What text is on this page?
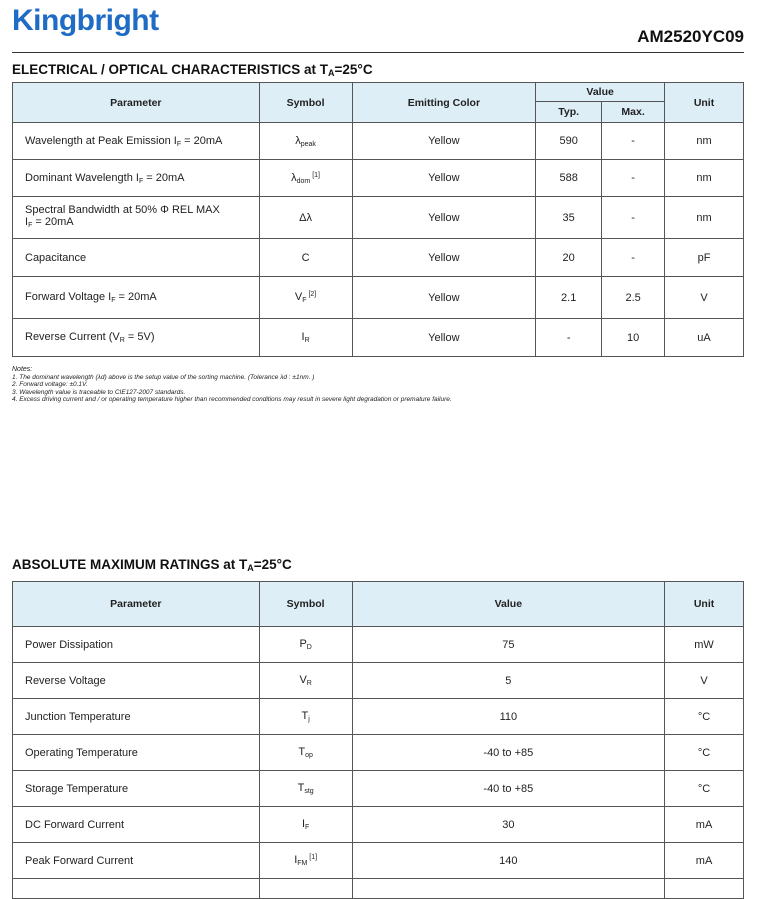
Kingbright	AM2520YC09
ELECTRICAL / OPTICAL CHARACTERISTICS at $T_A=25^\circ C$
Parameter	Symbol	Emitting Color	Value		Unit
			Typ.	Max.	
Wavelength at Peak Emission $I_F = 20mA$	$\lambda_{peak}$	Yellow	590	-	nm
Dominant Wavelength $I_F = 20mA$	$\lambda_{dom}$ [1]	Yellow	588	-	nm
Spectral Bandwidth at 50% Φ REL MAX
$I_F = 20mA$	Δλ	Yellow	35	-	nm
Capacitance	C	Yellow	20	-	pF
Forward Voltage $I_F = 20mA$	$V_F$ [2]	Yellow	2.1	2.5	V
Reverse Current $(V_R = 5V)$	$I_R$	Yellow	-	10	uA
Notes:
1. The dominant wavelength (λd) above is the setup value of the sorting machine. (Tolerance λd : ±1nm. )
2. Forward voltage: ±0.1V.
3. Wavelength value is traceable to CIE127-2007 standards.
4. Excess driving current and / or operating temperature higher than recommended conditions may result in severe light degradation or premature failure.
ABSOLUTE MAXIMUM RATINGS at $T_A=25^\circ C$
Parameter	Symbol	Value	Unit
Power Dissipation	$P_D$	75	mW
Reverse Voltage	$V_R$	5	V
Junction Temperature	$T_j$	110	°C
Operating Temperature	$T_{op}$	-40 to +85	°C
Storage Temperature	$T_{stg}$	-40 to +85	°C
DC Forward Current	$I_F$	30	mA
Peak Forward Current	$I_{FM}$ [1]	140	mA
